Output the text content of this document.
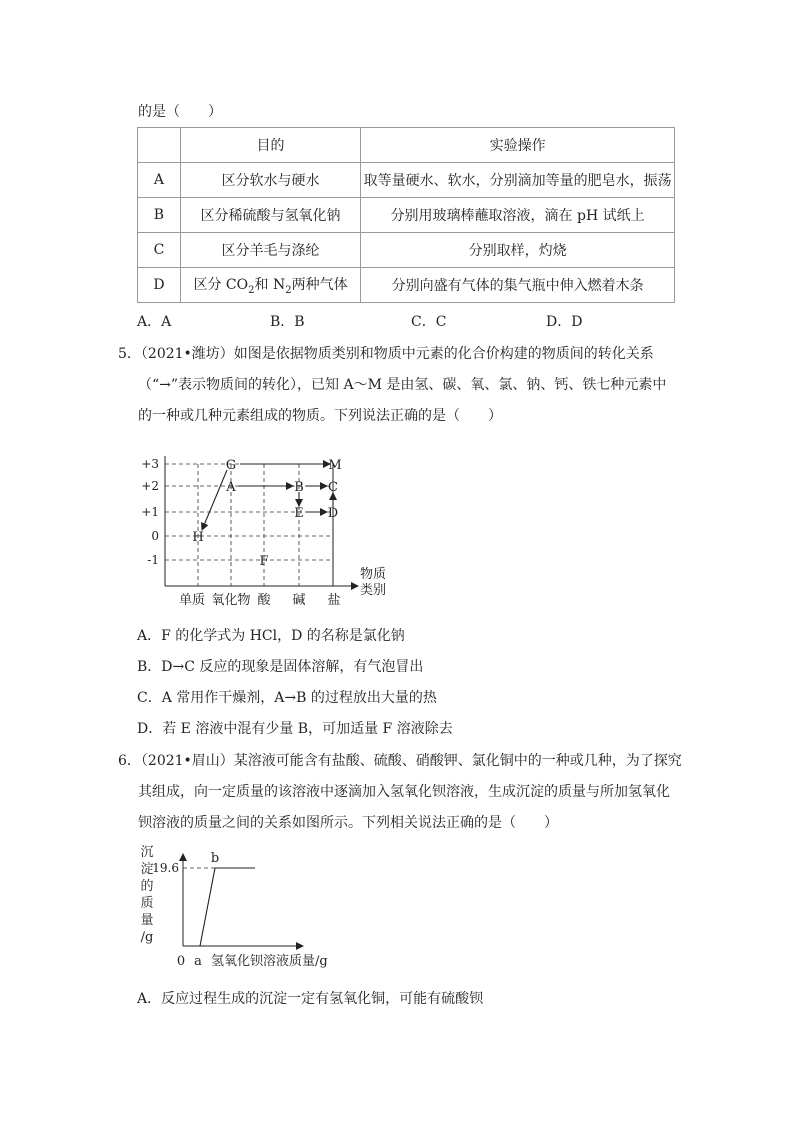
的是（　　）
	目的	实验操作
A	区分软水与硬水	取等量硬水、软水，分别滴加等量的肥皂水，振荡
B	区分稀硫酸与氢氧化钠	分别用玻璃棒蘸取溶液，滴在 pH 试纸上
C	区分羊毛与涤纶	分别取样，灼烧
D	区分 $CO_2$和 $N_2$两种气体	分别向盛有气体的集气瓶中伸入燃着木条
A．A	B．B	C．C	D．D
5．（2021•潍坊）如图是依据物质类别和物质中元素的化合价构建的物质间的转化关系
（“→”表示物质间的转化），已知 A～M 是由氢、碳、氧、氯、钠、钙、铁七种元素中
的一种或几种元素组成的物质。下列说法正确的是（　　）
+3
+2
+1
0
-1
单质 氧化物 酸 碱 盐
物质
类别
G	M
A	B C
E D
H
F
A．F 的化学式为 HCl，D 的名称是氯化钠
B．D→C 反应的现象是固体溶解，有气泡冒出
C．A 常用作干燥剂，A→B 的过程放出大量的热
D．若 E 溶液中混有少量 B，可加适量 F 溶液除去
6．（2021•眉山）某溶液可能含有盐酸、硫酸、硝酸钾、氯化铜中的一种或几种，为了探究
其组成，向一定质量的该溶液中逐滴加入氢氧化钡溶液，生成沉淀的质量与所加氢氧化
钡溶液的质量之间的关系如图所示。下列相关说法正确的是（　　）
沉
淀
的
质
量
/g
19.6
b
0 a 氢氧化钡溶液质量/g
A．反应过程生成的沉淀一定有氢氧化铜，可能有硫酸钡
